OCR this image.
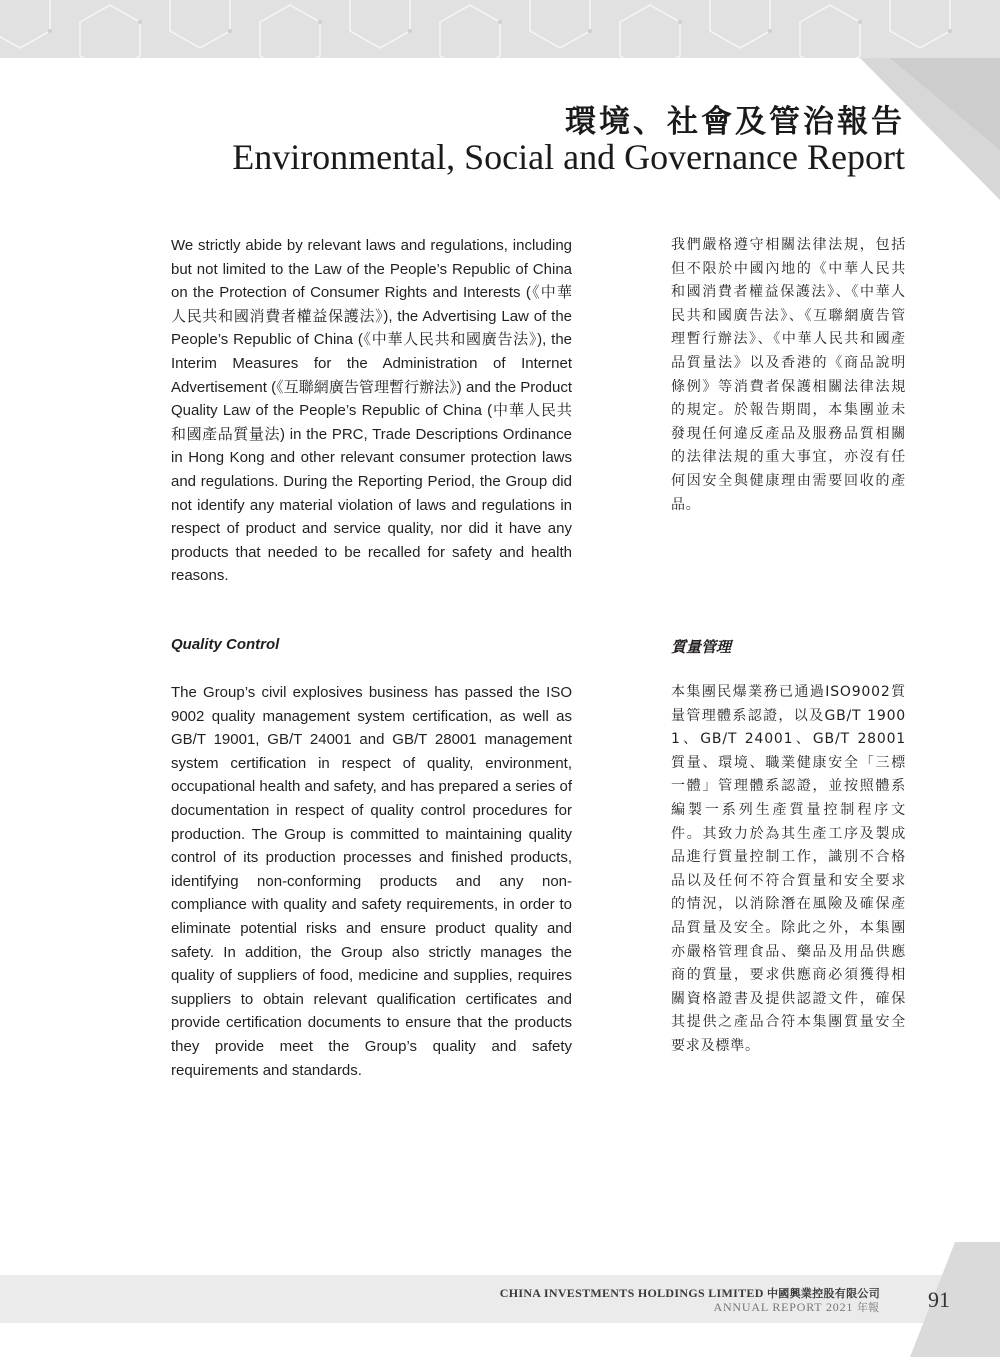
環境、社會及管治報告
Environmental, Social and Governance Report

We strictly abide by relevant laws and regulations, including but not limited to the Law of the People’s Republic of China on the Protection of Consumer Rights and Interests (《中華人民共和國消費者權益保護法》), the Advertising Law of the People’s Republic of China (《中華人民共和國廣告法》), the Interim Measures for the Administration of Internet Advertisement (《互聯網廣告管理暫行辦法》) and the Product Quality Law of the People’s Republic of China (中華人民共和國產品質量法) in the PRC, Trade Descriptions Ordinance in Hong Kong and other relevant consumer protection laws and regulations. During the Reporting Period, the Group did not identify any material violation of laws and regulations in respect of product and service quality, nor did it have any products that needed to be recalled for safety and health reasons.

我們嚴格遵守相關法律法規，包括但不限於中國內地的《中華人民共和國消費者權益保護法》、《中華人民共和國廣告法》、《互聯網廣告管理暫行辦法》、《中華人民共和國產品質量法》以及香港的《商品說明條例》等消費者保護相關法律法規的規定。於報告期間，本集團並未發現任何違反產品及服務品質相關的法律法規的重大事宜，亦沒有任何因安全與健康理由需要回收的產品。

Quality Control	質量管理

The Group’s civil explosives business has passed the ISO 9002 quality management system certification, as well as GB/T 19001, GB/T 24001 and GB/T 28001 management system certification in respect of quality, environment, occupational health and safety, and has prepared a series of documentation in respect of quality control procedures for production. The Group is committed to maintaining quality control of its production processes and finished products, identifying non-conforming products and any non-compliance with quality and safety requirements, in order to eliminate potential risks and ensure product quality and safety. In addition, the Group also strictly manages the quality of suppliers of food, medicine and supplies, requires suppliers to obtain relevant qualification certificates and provide certification documents to ensure that the products they provide meet the Group’s quality and safety requirements and standards.

本集團民爆業務已通過ISO9002質量管理體系認證，以及GB/T 19001、GB/T 24001、GB/T 28001質量、環境、職業健康安全「三標一體」管理體系認證，並按照體系編製一系列生產質量控制程序文件。其致力於為其生產工序及製成品進行質量控制工作，識別不合格品以及任何不符合質量和安全要求的情況，以消除潛在風險及確保產品質量及安全。除此之外，本集團亦嚴格管理食品、藥品及用品供應商的質量，要求供應商必須獲得相關資格證書及提供認證文件，確保其提供之產品合符本集團質量安全要求及標準。

CHINA INVESTMENTS HOLDINGS LIMITED 中國興業控股有限公司
ANNUAL REPORT 2021 年報 91
